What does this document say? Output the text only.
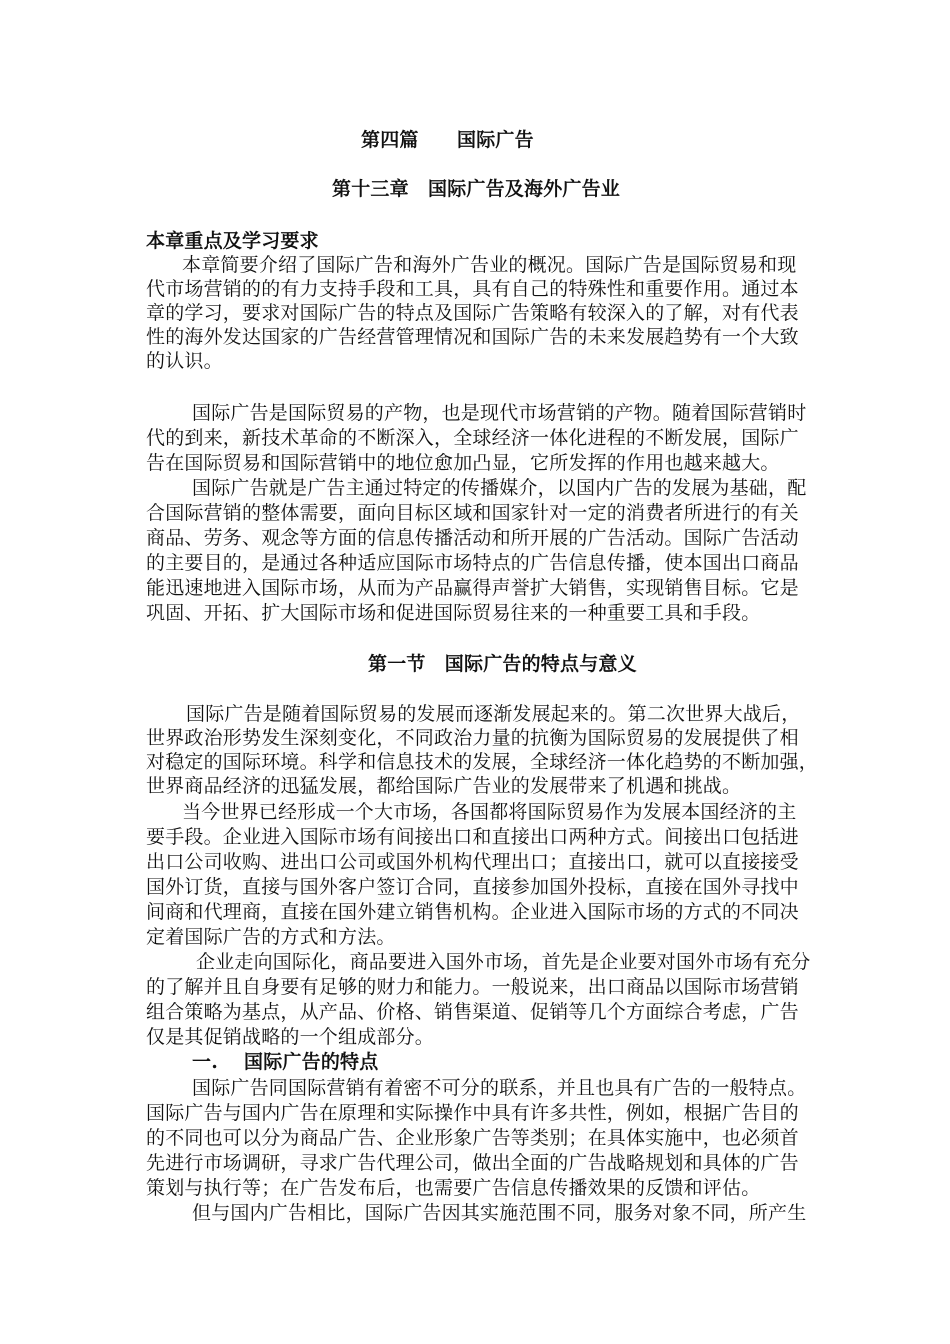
第四篇　　国际广告
第十三章　国际广告及海外广告业
本章重点及学习要求
本章简要介绍了国际广告和海外广告业的概况。国际广告是国际贸易和现
代市场营销的的有力支持手段和工具，具有自己的特殊性和重要作用。通过本
章的学习，要求对国际广告的特点及国际广告策略有较深入的了解，对有代表
性的海外发达国家的广告经营管理情况和国际广告的未来发展趋势有一个大致
的认识。
国际广告是国际贸易的产物，也是现代市场营销的产物。随着国际营销时
代的到来，新技术革命的不断深入，全球经济一体化进程的不断发展，国际广
告在国际贸易和国际营销中的地位愈加凸显，它所发挥的作用也越来越大。
国际广告就是广告主通过特定的传播媒介，以国内广告的发展为基础，配
合国际营销的整体需要，面向目标区域和国家针对一定的消费者所进行的有关
商品、劳务、观念等方面的信息传播活动和所开展的广告活动。国际广告活动
的主要目的，是通过各种适应国际市场特点的广告信息传播，使本国出口商品
能迅速地进入国际市场，从而为产品赢得声誉扩大销售，实现销售目标。它是
巩固、开拓、扩大国际市场和促进国际贸易往来的一种重要工具和手段。
第一节　国际广告的特点与意义
国际广告是随着国际贸易的发展而逐渐发展起来的。第二次世界大战后，
世界政治形势发生深刻变化，不同政治力量的抗衡为国际贸易的发展提供了相
对稳定的国际环境。科学和信息技术的发展，全球经济一体化趋势的不断加强，
世界商品经济的迅猛发展，都给国际广告业的发展带来了机遇和挑战。
当今世界已经形成一个大市场，各国都将国际贸易作为发展本国经济的主
要手段。企业进入国际市场有间接出口和直接出口两种方式。间接出口包括进
出口公司收购、进出口公司或国外机构代理出口；直接出口，就可以直接接受
国外订货，直接与国外客户签订合同，直接参加国外投标，直接在国外寻找中
间商和代理商，直接在国外建立销售机构。企业进入国际市场的方式的不同决
定着国际广告的方式和方法。
企业走向国际化，商品要进入国外市场，首先是企业要对国外市场有充分
的了解并且自身要有足够的财力和能力。一般说来，出口商品以国际市场营销
组合策略为基点，从产品、价格、销售渠道、促销等几个方面综合考虑，广告
仅是其促销战略的一个组成部分。
一.　 国际广告的特点
国际广告同国际营销有着密不可分的联系，并且也具有广告的一般特点。
国际广告与国内广告在原理和实际操作中具有许多共性，例如，根据广告目的
的不同也可以分为商品广告、企业形象广告等类别；在具体实施中，也必须首
先进行市场调研，寻求广告代理公司，做出全面的广告战略规划和具体的广告
策划与执行等；在广告发布后，也需要广告信息传播效果的反馈和评估。
但与国内广告相比，国际广告因其实施范围不同，服务对象不同，所产生
